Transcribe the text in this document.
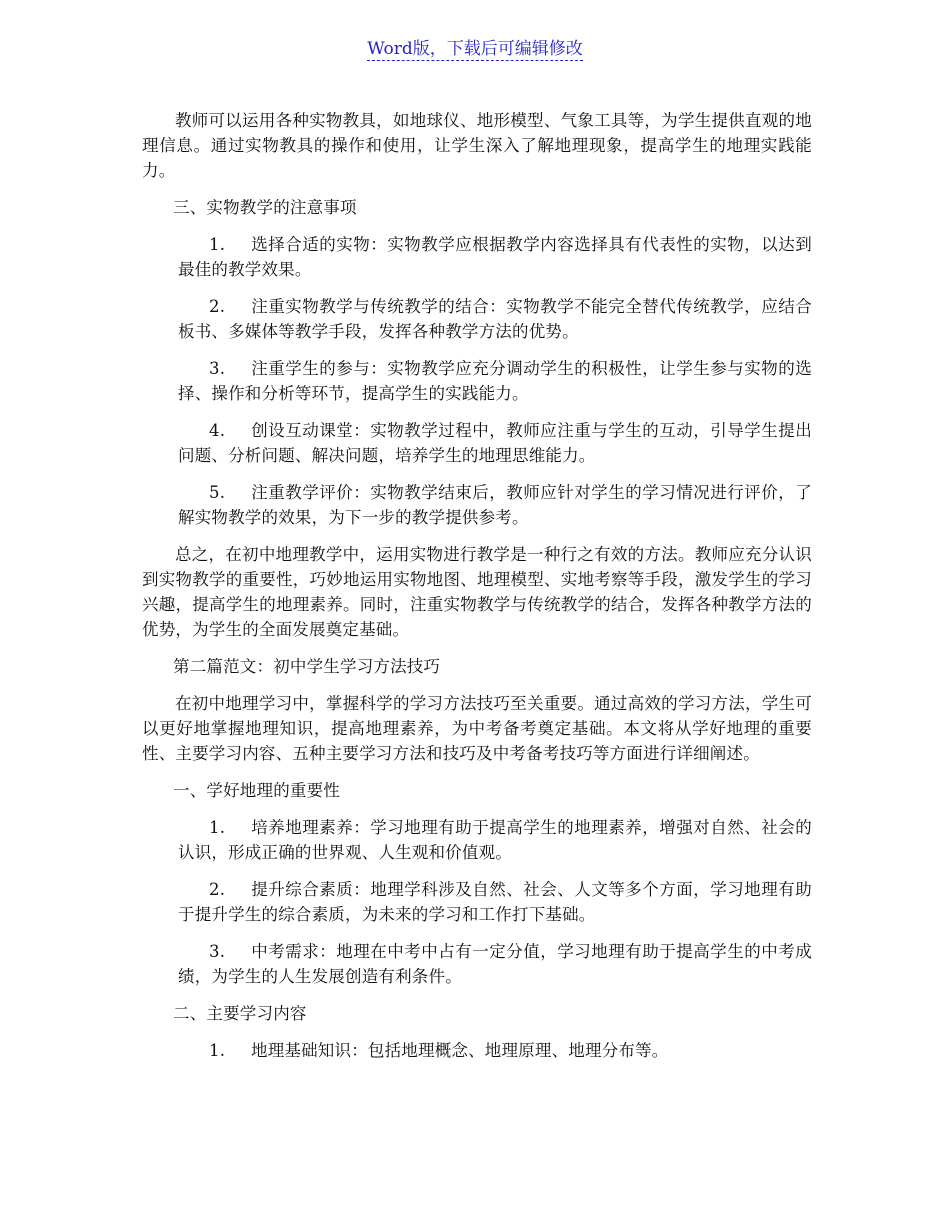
Word版，下载后可编辑修改

教师可以运用各种实物教具，如地球仪、地形模型、气象工具等，为学生提供直观的地理信息。通过实物教具的操作和使用，让学生深入了解地理现象，提高学生的地理实践能力。

三、实物教学的注意事项

1. 选择合适的实物：实物教学应根据教学内容选择具有代表性的实物，以达到最佳的教学效果。

2. 注重实物教学与传统教学的结合：实物教学不能完全替代传统教学，应结合板书、多媒体等教学手段，发挥各种教学方法的优势。

3. 注重学生的参与：实物教学应充分调动学生的积极性，让学生参与实物的选择、操作和分析等环节，提高学生的实践能力。

4. 创设互动课堂：实物教学过程中，教师应注重与学生的互动，引导学生提出问题、分析问题、解决问题，培养学生的地理思维能力。

5. 注重教学评价：实物教学结束后，教师应针对学生的学习情况进行评价，了解实物教学的效果，为下一步的教学提供参考。

总之，在初中地理教学中，运用实物进行教学是一种行之有效的方法。教师应充分认识到实物教学的重要性，巧妙地运用实物地图、地理模型、实地考察等手段，激发学生的学习兴趣，提高学生的地理素养。同时，注重实物教学与传统教学的结合，发挥各种教学方法的优势，为学生的全面发展奠定基础。

第二篇范文：初中学生学习方法技巧

在初中地理学习中，掌握科学的学习方法技巧至关重要。通过高效的学习方法，学生可以更好地掌握地理知识，提高地理素养，为中考备考奠定基础。本文将从学好地理的重要性、主要学习内容、五种主要学习方法和技巧及中考备考技巧等方面进行详细阐述。

一、学好地理的重要性

1. 培养地理素养：学习地理有助于提高学生的地理素养，增强对自然、社会的认识，形成正确的世界观、人生观和价值观。

2. 提升综合素质：地理学科涉及自然、社会、人文等多个方面，学习地理有助于提升学生的综合素质，为未来的学习和工作打下基础。

3. 中考需求：地理在中考中占有一定分值，学习地理有助于提高学生的中考成绩，为学生的人生发展创造有利条件。

二、主要学习内容

1. 地理基础知识：包括地理概念、地理原理、地理分布等。
